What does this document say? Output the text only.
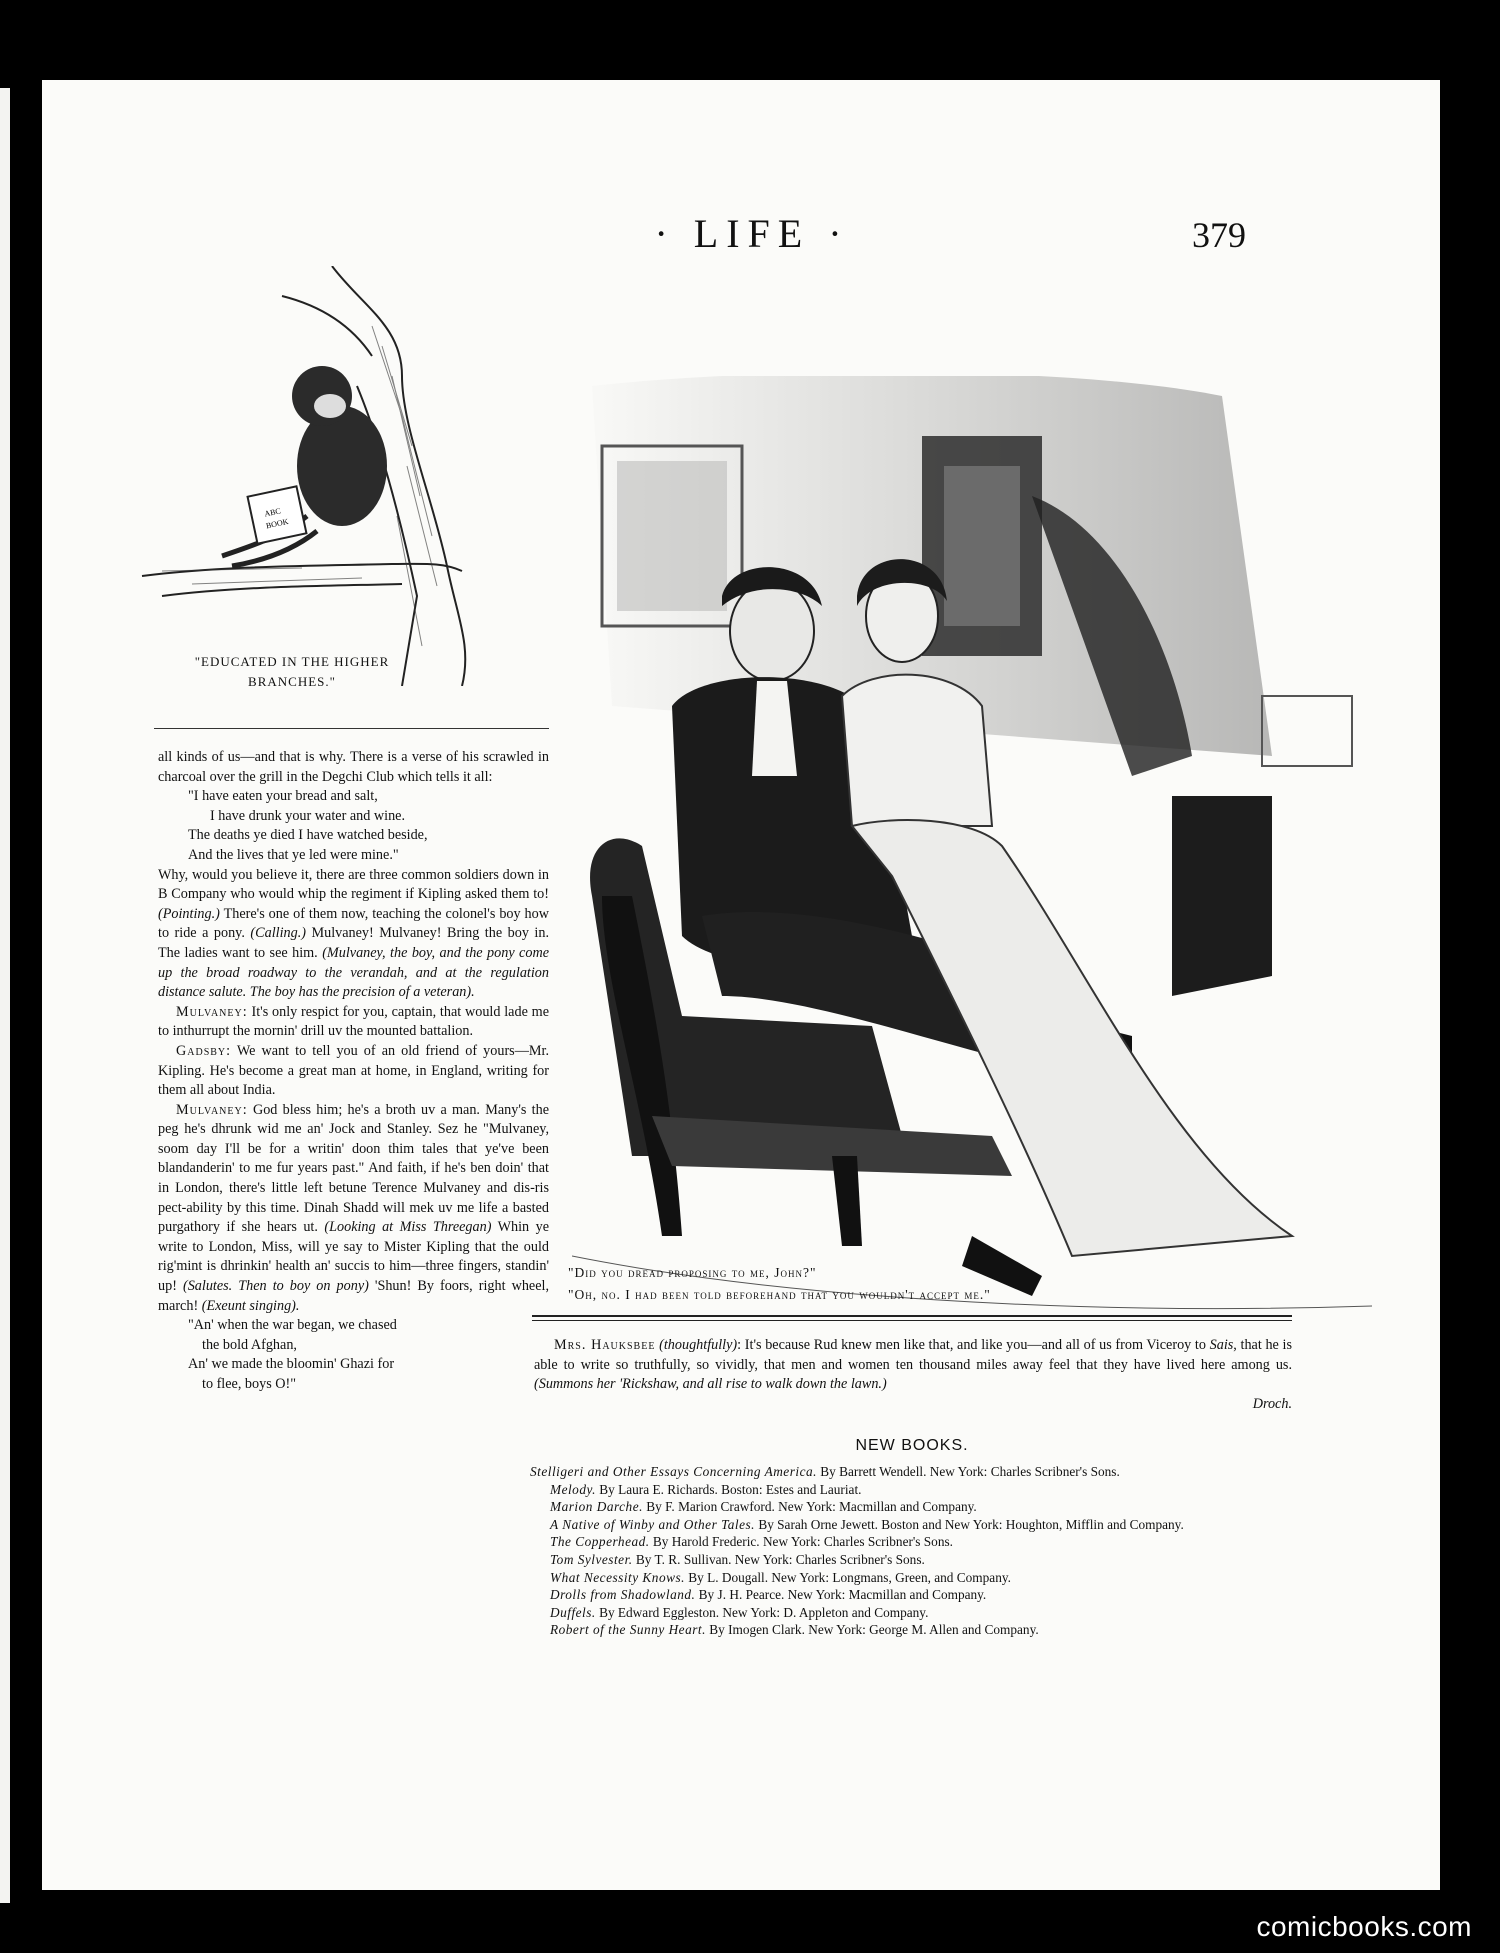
· LIFE ·	379
ABC
BOOK
"EDUCATED IN THE HIGHER
BRANCHES."

all kinds of us—and that is why. There is a verse of his scrawled in charcoal over the grill in the Degchi Club which tells it all:

"I have eaten your bread and salt,

I have drunk your water and wine.

The deaths ye died I have watched beside,

And the lives that ye led were mine."

Why, would you believe it, there are three common soldiers down in B Company who would whip the regiment if Kipling asked them to! (Pointing.) There's one of them now, teaching the colonel's boy how to ride a pony. (Calling.) Mulvaney! Mulvaney! Bring the boy in. The ladies want to see him. (Mulvaney, the boy, and the pony come up the broad roadway to the verandah, and at the regulation distance salute. The boy has the precision of a veteran).

Mulvaney: It's only respict for you, captain, that would lade me to inthurrupt the mornin' drill uv the mounted battalion.

Gadsby: We want to tell you of an old friend of yours—Mr. Kipling. He's become a great man at home, in England, writing for them all about India.

Mulvaney: God bless him; he's a broth uv a man. Many's the peg he's dhrunk wid me an' Jock and Stanley. Sez he "Mulvaney, soom day I'll be for a writin' doon thim tales that ye've been blandanderin' to me fur years past." And faith, if he's ben doin' that in London, there's little left betune Terence Mulvaney and dis-ris pect-ability by this time. Dinah Shadd will mek uv me life a basted purgathory if she hears ut. (Looking at Miss Threegan) Whin ye write to London, Miss, will ye say to Mister Kipling that the ould rig'mint is dhrinkin' health an' succis to him—three fingers, standin' up! (Salutes. Then to boy on pony) 'Shun! By foors, right wheel, march! (Exeunt singing).

"An' when the war began, we chased

the bold Afghan,

An' we made the bloomin' Ghazi for

to flee, boys O!"

"Did you dread proposing to me, John?"
"Oh, no. I had been told beforehand that you wouldn't accept me."

Mrs. Hauksbee (thoughtfully): It's because Rud knew men like that, and like you—and all of us from Viceroy to Sais, that he is able to write so truthfully, so vividly, that men and women ten thousand miles away feel that they have lived here among us. (Summons her 'Rickshaw, and all rise to walk down the lawn.)

Droch.
NEW BOOKS.

Stelligeri and Other Essays Concerning America. By Barrett Wendell. New York: Charles Scribner's Sons.

Melody. By Laura E. Richards. Boston: Estes and Lauriat.

Marion Darche. By F. Marion Crawford. New York: Macmillan and Company.

A Native of Winby and Other Tales. By Sarah Orne Jewett. Boston and New York: Houghton, Mifflin and Company.

The Copperhead. By Harold Frederic. New York: Charles Scribner's Sons.

Tom Sylvester. By T. R. Sullivan. New York: Charles Scribner's Sons.

What Necessity Knows. By L. Dougall. New York: Longmans, Green, and Company.

Drolls from Shadowland. By J. H. Pearce. New York: Macmillan and Company.

Duffels. By Edward Eggleston. New York: D. Appleton and Company.

Robert of the Sunny Heart. By Imogen Clark. New York: George M. Allen and Company.

comicbooks.com
